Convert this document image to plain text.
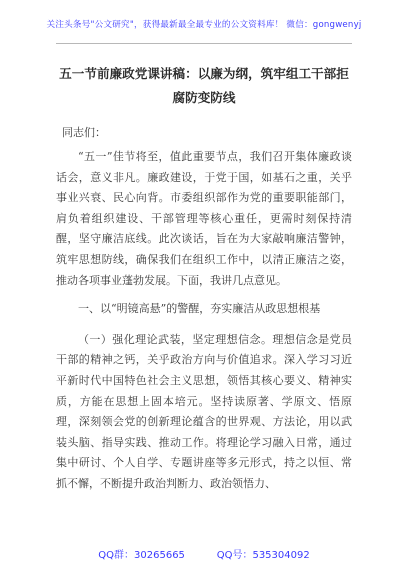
关注头条号"公文研究"，获得最新最全最专业的公文资料库！ 微信：gongwenyj
五一节前廉政党课讲稿：以廉为纲，筑牢组工干部拒腐防变防线
同志们：

“五一”佳节将至，值此重要节点，我们召开集体廉政谈话会，意义非凡。廉政建设，于党于国，如基石之重，关乎事业兴衰、民心向背。市委组织部作为党的重要职能部门，肩负着组织建设、干部管理等核心重任，更需时刻保持清醒，坚守廉洁底线。此次谈话，旨在为大家敲响廉洁警钟，筑牢思想防线，确保我们在组织工作中，以清正廉洁之姿，推动各项事业蓬勃发展。下面，我讲几点意见。

一、以“明镜高悬”的警醒，夯实廉洁从政思想根基

（一）强化理论武装，坚定理想信念。理想信念是党员干部的精神之钙，关乎政治方向与价值追求。深入学习习近平新时代中国特色社会主义思想，领悟其核心要义、精神实质，方能在思想上固本培元。坚持读原著、学原文、悟原理，深刻领会党的创新理论蕴含的世界观、方法论，用以武装头脑、指导实践、推动工作。将理论学习融入日常，通过集中研讨、个人自学、专题讲座等多元形式，持之以恒、常抓不懈，不断提升政治判断力、政治领悟力、

QQ群：30265665          QQ号：535304092
